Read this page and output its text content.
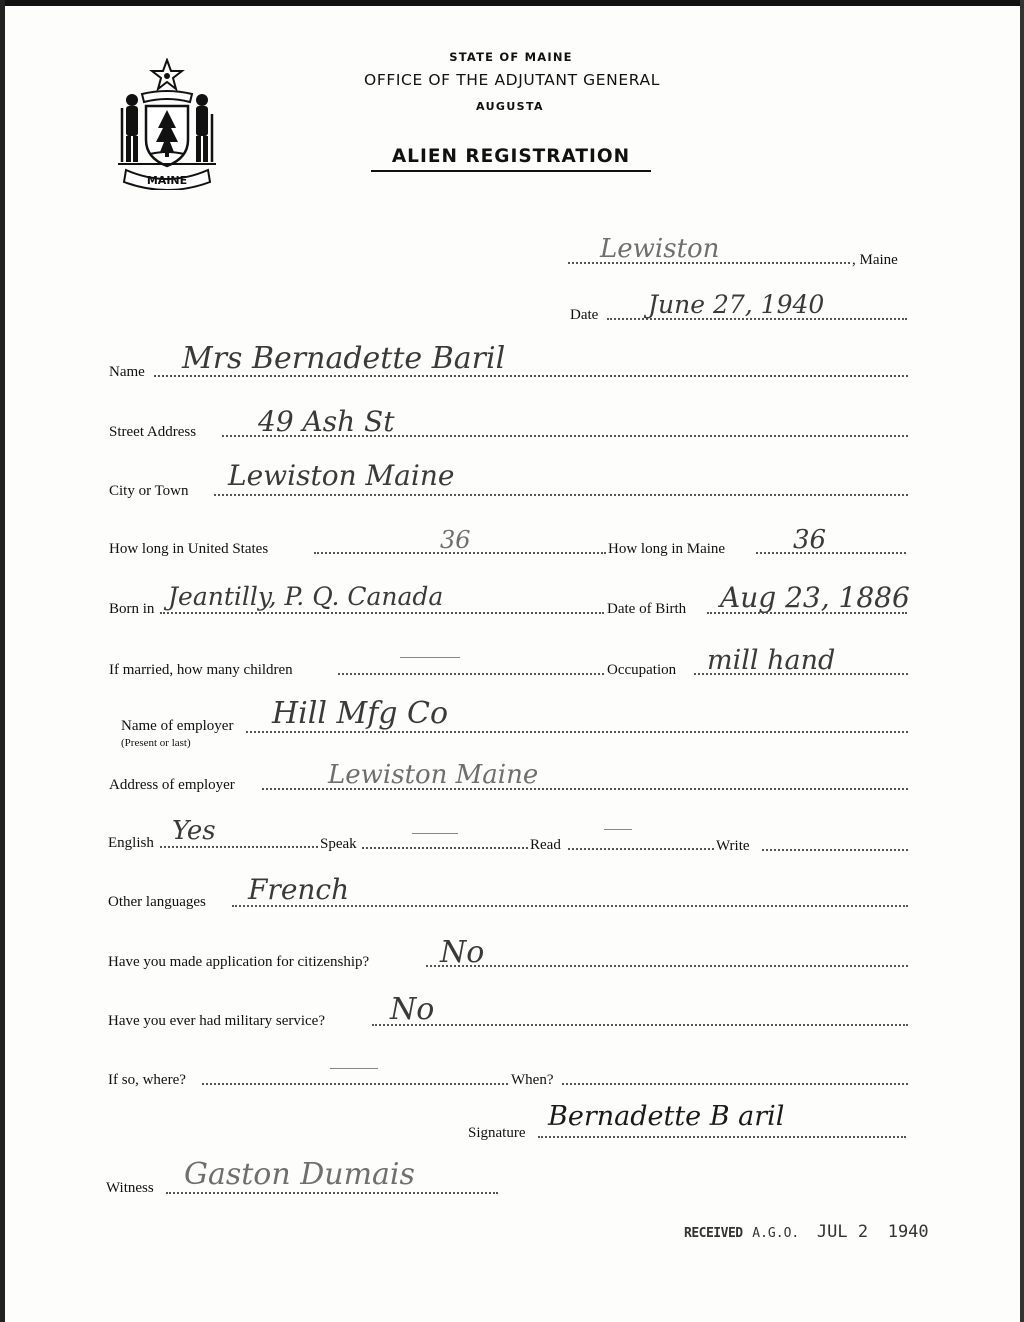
MAINE
STATE OF MAINE
OFFICE OF THE ADJUTANT GENERAL
AUGUSTA
ALIEN REGISTRATION
Lewiston	, Maine
Date June 27, 1940
Name Mrs Bernadette Baril
Street Address 49 Ash St
City or Town Lewiston Maine
How long in United States	36	How long in Maine	36
Born in Jeantilly, P. Q. Canada	Date of Birth Aug 23, 1886
If married, how many children	Occupation mill hand
Name of employer
(Present or last)
Hill Mfg Co
Address of employer	Lewiston Maine
English Yes	Speak	Read	Write
Other languages French
Have you made application for citizenship? No
Have you ever had military service? No
If so, where?	When?
Signature
Bernadette B aril
Witness Gaston Dumais
RECEIVED A.G.O. JUL 2 1940
